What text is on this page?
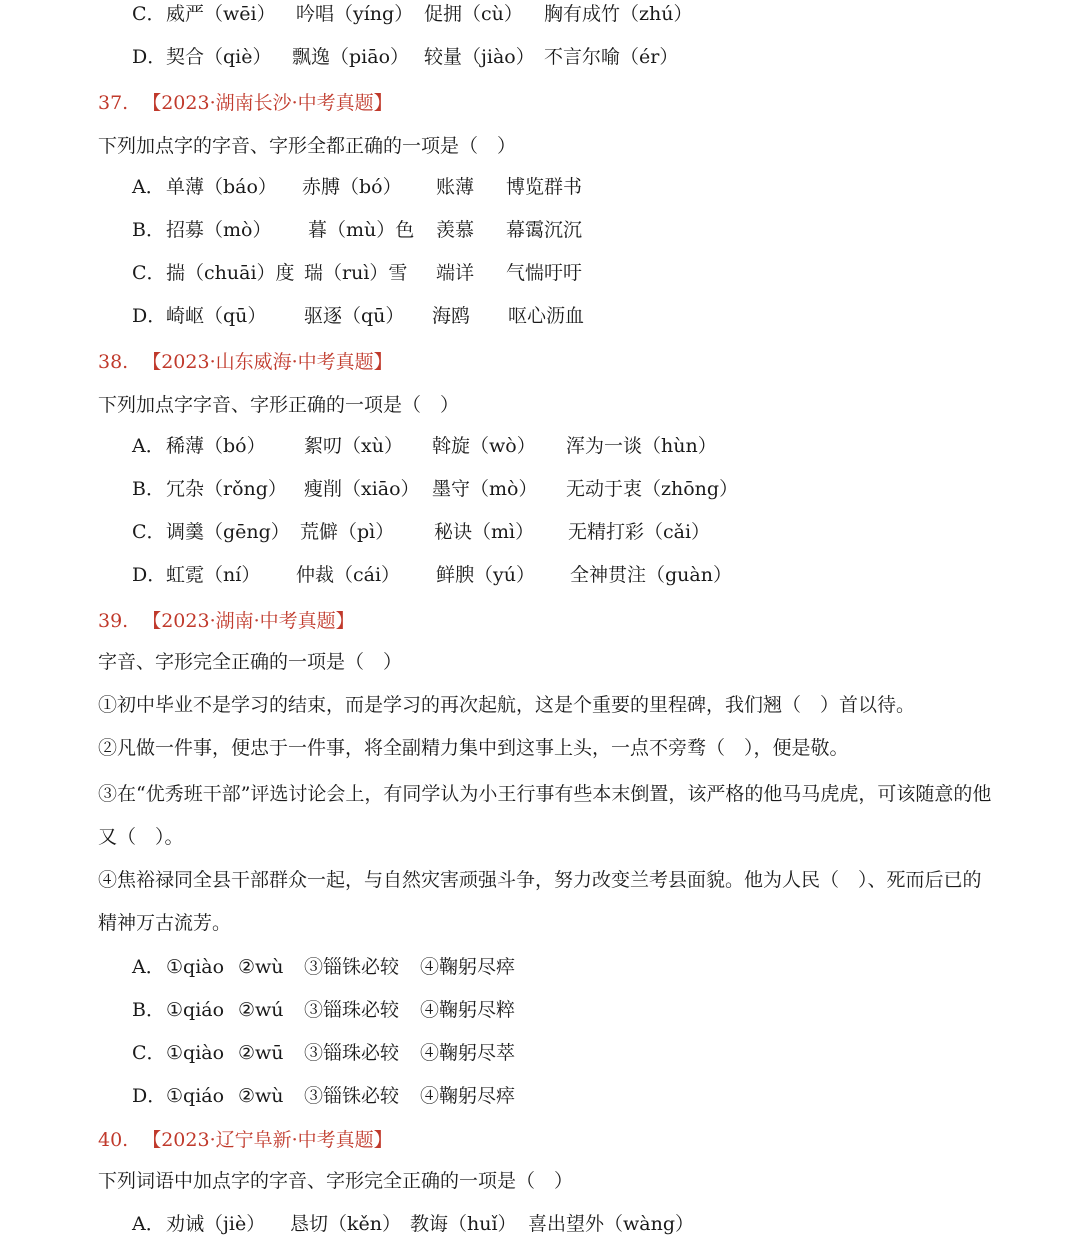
C． 威严（wēi） 吟唱（yíng） 促拥（cù） 胸有成竹（zhú）
D． 契合（qiè） 飘逸（piāo） 较量（jiào） 不言尔喻（ér）
37. 【2023·湖南长沙·中考真题】
下列加点字的字音、字形全都正确的一项是（　）
A． 单薄（báo） 赤膊（bó） 账薄 博览群书
B． 招募（mò） 暮（mù）色 羡慕 幕霭沉沉
C． 揣（chuāi）度 瑞（ruì）雪 端详 气惴吁吁
D． 崎岖（qū） 驱逐（qū） 海鸥 呕心沥血
38. 【2023·山东威海·中考真题】
下列加点字字音、字形正确的一项是（　）
A． 稀薄（bó） 絮叨（xù） 斡旋（wò） 浑为一谈（hùn）
B． 冗杂（rǒng） 瘦削（xiāo） 墨守（mò） 无动于衷（zhōng）
C． 调羹（gēng） 荒僻（pì） 秘诀（mì） 无精打彩（cǎi）
D． 虹霓（ní） 仲裁（cái） 鲜腴（yú） 全神贯注（guàn）
39. 【2023·湖南·中考真题】
字音、字形完全正确的一项是（　）
①初中毕业不是学习的结束，而是学习的再次起航，这是个重要的里程碑，我们翘（　）首以待。
②凡做一件事，便忠于一件事，将全副精力集中到这事上头，一点不旁骛（　），便是敬。
③在“优秀班干部”评选讨论会上，有同学认为小王行事有些本末倒置，该严格的他马马虎虎，可该随意的他
又（　）。
④焦裕禄同全县干部群众一起，与自然灾害顽强斗争，努力改变兰考县面貌。他为人民（　）、死而后已的
精神万古流芳。
A． ①qiào ②wù ③锱铢必较 ④鞠躬尽瘁
B． ①qiáo ②wú ③锱珠必较 ④鞠躬尽粹
C． ①qiào ②wū ③锱珠必较 ④鞠躬尽萃
D． ①qiáo ②wù ③锱铢必较 ④鞠躬尽瘁
40. 【2023·辽宁阜新·中考真题】
下列词语中加点字的字音、字形完全正确的一项是（　）
A． 劝诫（jiè） 恳切（kěn） 教诲（huǐ） 喜出望外（wàng）
